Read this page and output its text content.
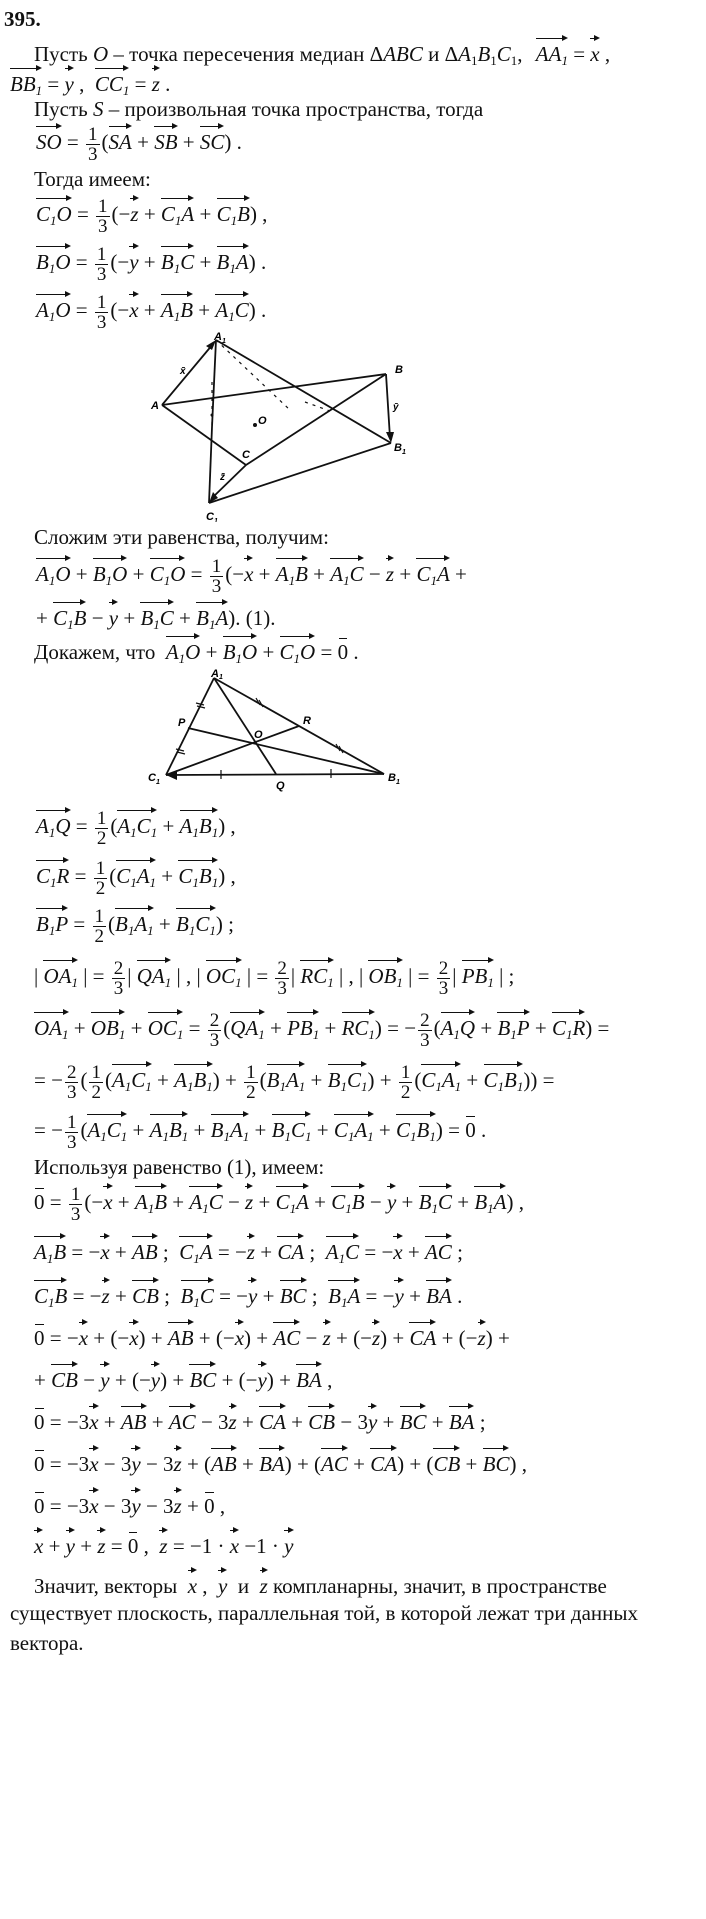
395.
Пусть O – точка пересечения медиан ΔABC и $\Delta A_1B_1C_1$, $AA_1 = x$ ,
$BB_1 = y$ ,  $CC_1 = z$ .
Пусть S – произвольная точка пространства, тогда
SO = $\frac{1}{3} (SA$ + SB + SC) .
Тогда имеем:
$C_1O = \frac{1}{3} (-z + C_1A + C_1B)$ ,
$B_1O = \frac{1}{3} (-y + B_1C + B_1A)$ .
$A_1O = \frac{1}{3} (-x + A_1B + A_1C)$ .
A
A 1
B
B 1
C
C 1
O
x̄
ȳ
z̄
Сложим эти равенства, получим:
$A_1O + B_1O + C_1O = \frac{1}{3} (-x + A_1B + A_1C - z + C_1A$ +
+ $C_1B - y + B_1C + B_1A$). (1).
Докажем, что $A_1O + B_1O + C_1O = 0$ .
A 1
C 1	B 1
P
Q
R
O
$A_1Q = \frac{1}{2} (A_1C_1 + A_1B_1)$ ,
$C_1R = \frac{1}{2} (C_1A_1 + C_1B_1)$ ,
$B_1P = \frac{1}{2} (B_1A_1 + B_1C_1)$ ;
| $OA_1$ | = $\frac{2}{3}$ | $QA_1$ | , | $OC_1$ | = $\frac{2}{3}$ | $RC_1$ | , | $OB_1$ | = $\frac{2}{3}$ | $PB_1$ | ;
$OA_1 + OB_1 + OC_1 = \frac{2}{3} (QA_1 + PB_1 + RC_1)$ = − $\frac{2}{3} (A_1Q + B_1P + C_1R)$ =
= − $\frac{2}{3}$ ( $\frac{1}{2} (A_1C_1 + A_1B_1) + \frac{1}{2} (B_1A_1 + B_1C_1) + \frac{1}{2} (C_1A_1 + C_1B_1)$) =
= − $\frac{1}{3} (A_1C_1 + A_1B_1 + B_1A_1 + B_1C_1 + C_1A_1 + C_1B_1) = 0$ .
Используя равенство (1), имеем:
$0 = \frac{1}{3} (-x + A_1B + A_1C - z + C_1A + C_1B - y + B_1C + B_1A)$ ,
$A_1B = -x$ + AB ;  $C_1A = -z$ + CA ;  $A_1C = -x$ + AC ;
$C_1B = -z$ + CB ;  $B_1C = -y$ + BC ;  $B_1A = -y$ + BA .
0 = −x + (−x) + AB + (−x) + AC − z + (−z) + CA + (−z) +
+ CB − y + (−y) + BC + (−y) + BA ,
0 = −3x + AB + AC − 3z + CA + CB − 3y + BC + BA ;
0 = −3x − 3y − 3z + (AB + BA) + (AC + CA) + (CB + BC) ,
0 = −3x − 3y − 3z + 0 ,
x + y + z = 0 ,  z = −1 · x −1 · y
Значит, векторы x ,  y и z компланарны, значит, в пространстве
существует плоскость, параллельная той, в которой лежат три данных
вектора.
